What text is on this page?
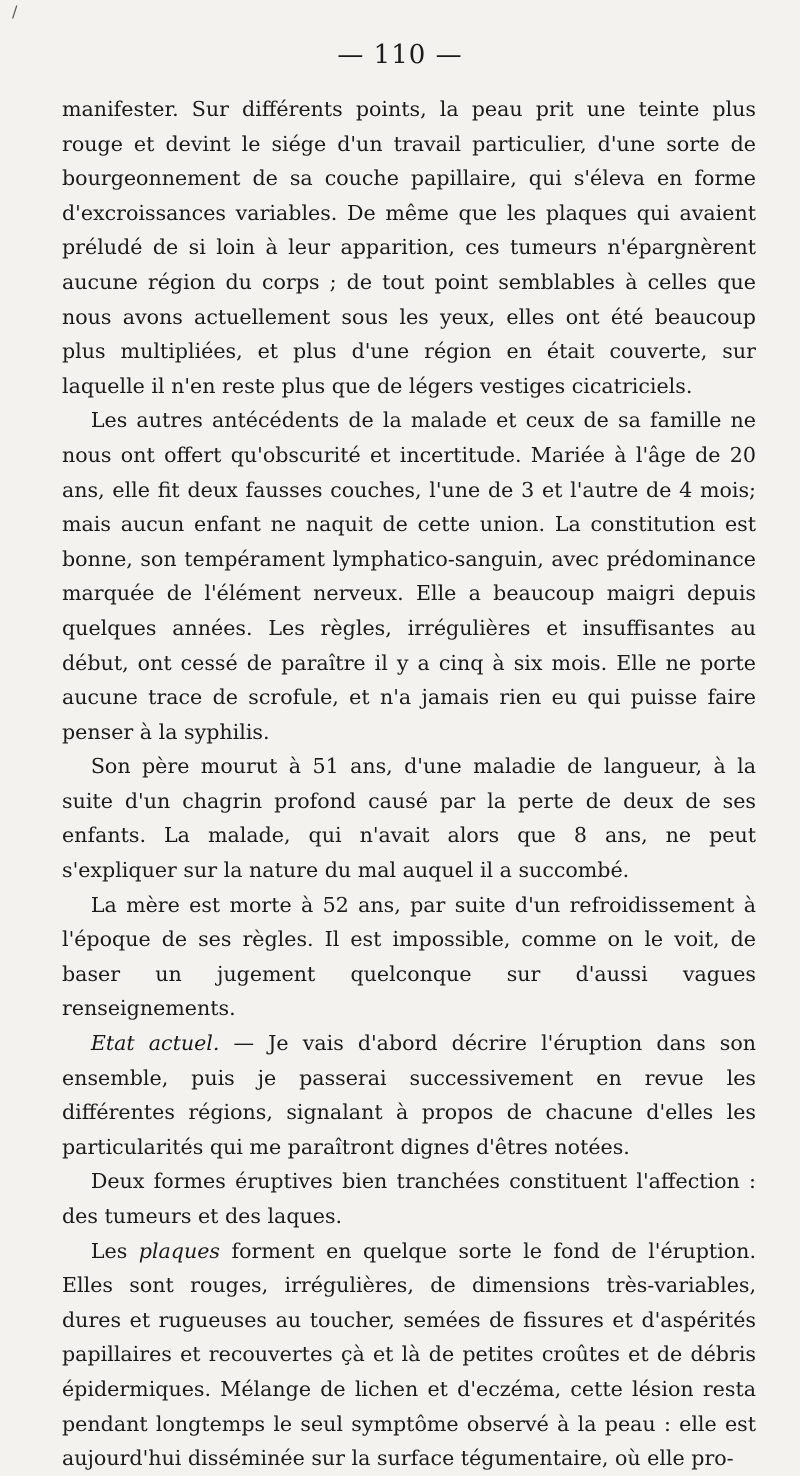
/
— 110 —

manifester. Sur différents points, la peau prit une teinte plus rouge et devint le siége d'un travail particulier, d'une sorte de bourgeonnement de sa couche papillaire, qui s'éleva en forme d'excroissances variables. De même que les plaques qui avaient préludé de si loin à leur apparition, ces tumeurs n'épargnèrent aucune région du corps ; de tout point semblables à celles que nous avons actuellement sous les yeux, elles ont été beaucoup plus multipliées, et plus d'une région en était couverte, sur laquelle il n'en reste plus que de légers vestiges cicatriciels.

Les autres antécédents de la malade et ceux de sa famille ne nous ont offert qu'obscurité et incertitude. Mariée à l'âge de 20 ans, elle fit deux fausses couches, l'une de 3 et l'autre de 4 mois; mais aucun enfant ne naquit de cette union. La constitution est bonne, son tempérament lymphatico-sanguin, avec prédominance marquée de l'élément nerveux. Elle a beaucoup maigri depuis quelques années. Les règles, irrégulières et insuffisantes au début, ont cessé de paraître il y a cinq à six mois. Elle ne porte aucune trace de scrofule, et n'a jamais rien eu qui puisse faire penser à la syphilis.

Son père mourut à 51 ans, d'une maladie de langueur, à la suite d'un chagrin profond causé par la perte de deux de ses enfants. La malade, qui n'avait alors que 8 ans, ne peut s'expliquer sur la nature du mal auquel il a succombé.

La mère est morte à 52 ans, par suite d'un refroidissement à l'époque de ses règles. Il est impossible, comme on le voit, de baser un jugement quelconque sur d'aussi vagues renseignements.

Etat actuel. — Je vais d'abord décrire l'éruption dans son ensemble, puis je passerai successivement en revue les différentes régions, signalant à propos de chacune d'elles les particularités qui me paraîtront dignes d'êtres notées.

Deux formes éruptives bien tranchées constituent l'affection : des tumeurs et des laques.

Les plaques forment en quelque sorte le fond de l'éruption. Elles sont rouges, irrégulières, de dimensions très-variables, dures et rugueuses au toucher, semées de fissures et d'aspérités papillaires et recouvertes çà et là de petites croûtes et de débris épidermiques. Mélange de lichen et d'eczéma, cette lésion resta pendant longtemps le seul symptôme observé à la peau : elle est aujourd'hui disséminée sur la surface tégumentaire, où elle pro-
